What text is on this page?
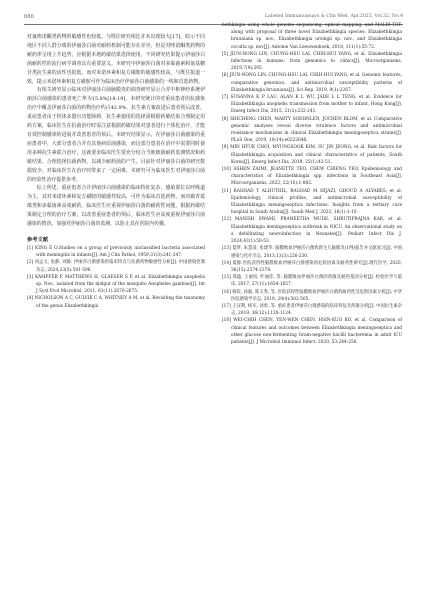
686	Labeled Immunoassays & Clin Med, Apr.2025, Vol.32, No.4

对氟喹诺酮类药物的敏感性也较低。与既往研究相比并未出现较大[17]，暗示不同地区不同人群分离的伊丽莎白菌对耐药机制可能存在差异，但是对喹诺酮类药物的耐药率呈现上升趋势，应根据本地药敏结果选择使用。不同研究结果提示伊丽莎白菌耐药性的流行病学调查具有重要意义。本研究中伊丽莎白菌对多黏菌素和氨基糖苷类抗生素的活性也很低，而对米诺环素和复方磺胺的敏感性较高，与既往报道一致，提示米诺环素和复方磺胺可作为临床治疗伊丽莎白菌感染的一线和首选药物。

有相关研究显示临床对伊丽莎白菌脑膜炎的调查研究显示合并中枢神经系统伊丽莎白菌感染的患者死亡率为15.8%[18-19]，本研究统计的对重症患者的抗感染治疗中覆盖伊丽莎白菌的药物治疗约占42.9%，抗生素方案改进后患者预后改善。重症患者由于机体多器官功能障碍，抗生素使用的选择需根据药敏结果合理制定用药方案，临床医生在抗菌治疗时需注意根据药敏结果对患者进行个体化治疗，才能有效控制感染的进展并改善患者的预后。本研究结果显示，在伊丽莎白菌感染的重症患者中，大部分患者合并有其他病原菌感染，而这部分患者在治疗中需要同时使用多种抗生素联合治疗，这就要求临床医生要充分结合当地细菌耐药监测情况和药敏结果，合理选择抗菌药物，以减少耐药菌的产生。目前针对伊丽莎白菌的研究数据较少，对临床医生在治疗时带来了一定困难，本研究可为临床医生对伊丽莎白菌的经验性治疗提供参考。

综上所述，重症患者合并伊丽莎白菌感染的临床特征复杂，感染部位以呼吸道为主，其对米诺环素和复方磺胺的敏感性较高，可作为临床首选药物，而对碳青霉烯类和多黏菌素高度耐药，临床医生应重视伊丽莎白菌的耐药性问题，根据药敏结果制定合理的治疗方案，以改善重症患者的预后。临床医生应高度重视伊丽莎白菌感染的情况，加强对伊丽莎白菌的监测，以防止其在医院内传播。

参考文献

[1] KING E O.Studies on a group of previously unclassified bacteria associated with meningitis in infants[J]. Am J Clin Pathol, 1959,31(3):241-247.

[2] 刘孟文, 张静, 刘静. 伊丽莎白菌感染的临床特点与抗菌药物敏感性分析[J]. 中国感染控制杂志, 2024,23(5):591-596.

[3] KAMPFER P, MATTHEWS H, GLAESER S P, et al. Elizabethkingia anophelis sp. Nov., isolated from the midgut of the mosquito Anopheles gambiae[J]. Int J Syst Evol Microbiol, 2011, 61(11):2670-2675.

[4] NICHOLSON A C, GULVIK C A, WHITNEY A M, et al. Revisiting the taxonomy of the genus Elizabethkingia

bethkingia using whole genome sequencing, optical mapping, and MALDI-TOF, along with proposal of three novel Elizabethkingia species: Elizabethkingia bruuniana sp. nov., Elizabethkingia ursingii sp. nov., and Elizabethkingia occulta sp. nov[J]. Antonie Van Leeuwenhoek, 2018, 111(1):55-72.

[5] JIUN-NONG LIN, CHUNG-HSU LAI, CHIH-HUI YANG, et al. Elizabethkingia infections in humans: from genomics to clinics[J]. Microorganisms, 2019,7(9):295.

[6] JIUN-NONG LIN, CHUNG-HSU LAI, CHIH-HUI YANG, et al. Genomic features, comparative genomics, and antimicrobial susceptibility patterns of Elizabethkingia bruuniana[J]. Sci Rep, 2019, 9(1):2267.

[7] SUSANNA K P LAU, ALAN K L WU, JADE L L TENG, et al. Evidence for Elizabethkingia anophelis transmission from mother to infant, Hong Kong[J]. Emerg Infect Dis, 2015, 21(2):232-241.

[8] SHICHENG CHEN, MARTY SOEHNLEN, JOCHEN BLOM, et al. Comparative genomic analyses reveal diverse virulence factors and antimicrobial resistance mechanisms in clinical Elizabethkingia meningoseptica strains[J]. PLoS One, 2019, 10(14):e0222648.

[9] MIN HYUK CHOI, MYUNGSOOK KIM, SU JIN JEONG, et al. Risk factors for Elizabethkingia acquisition and clinical characteristics of patients, South Korea[J]. Emerg Infect Dis, 2019, 25(1):42-51.

[10] ASHEN ZAIMI, JEANETTE TEO, CHEW CHIENG YEO, Epidemiology and characteristics of Elizabethkingia spp. infections in Southeast Asia[J]. Microorganisms, 2022, 22(10):1-882.

[11] RAGHAD T ALHUTHIL, RAGHAD M HIJAZI, GHOUD A ALYABES, et al. Epidemiology, clinical profiles, and antimicrobial susceptibility of Elizabethkingia meningoseptica infections: Insights from a tertiary care hospital in Saudi Arabia[J]. Saudi Med J, 2023, 16(1):1-10.

[12] MANISH SWAMI, PRANEETHA MUDE, SHRUTIPRAJNA KAR, et al. Elizabethkingia meningoseptica outbreak in NICU, An observational study on a debilitating neuroinfection in Neonates[J]. Pediatr Infect Dis J, 2024,43(1):50-53.

[13] 夏梦, 朱慧清, 张建华. 脑膜败血伊丽莎白菌致新生儿脑膜炎(1例)报告并文献复习[J]. 中国感染与化疗杂志, 2013,13(3):226-230.

[14] 夏静.医院获得性脑膜败血伊丽莎白菌感染的危险因素及耐药性研究[J].现代医学, 2020, 36(15):2374-2378.

[15] 郑盛, 王丽凤, 叶丽萍, 等. 脑膜败血伊丽莎白菌的药敏及耐药基因分析[J]. 检验医学与临床, 2017, 27(11):1654-1657.

[16] 杨钦, 孙毅, 陈义秀, 等. 医院获得性脑膜败血伊丽莎白菌的耐药性及危险因素分析[J]. 中华医院感染学杂志, 2019, 29(4):502-505.

[17] 王汉利, 杨军, 刘勇, 等. 重症患者伊丽莎白菌感染的临床特征及药敏分析[J]. 中国抗生素杂志, 2019, 36(12):1120-1124.

[18] WEI-CHIH CHEN, YEN-WEN CHEN, HSIN-KUO KO, et al. Comparison of clinical features and outcomes between Elizabethkingia meningoseptica and other glucose non-fermenting Gram-negative bacilli bacteremia in adult ICU patients[J]. J Microbiol Immunol Infect, 2020, 53:244-256.
